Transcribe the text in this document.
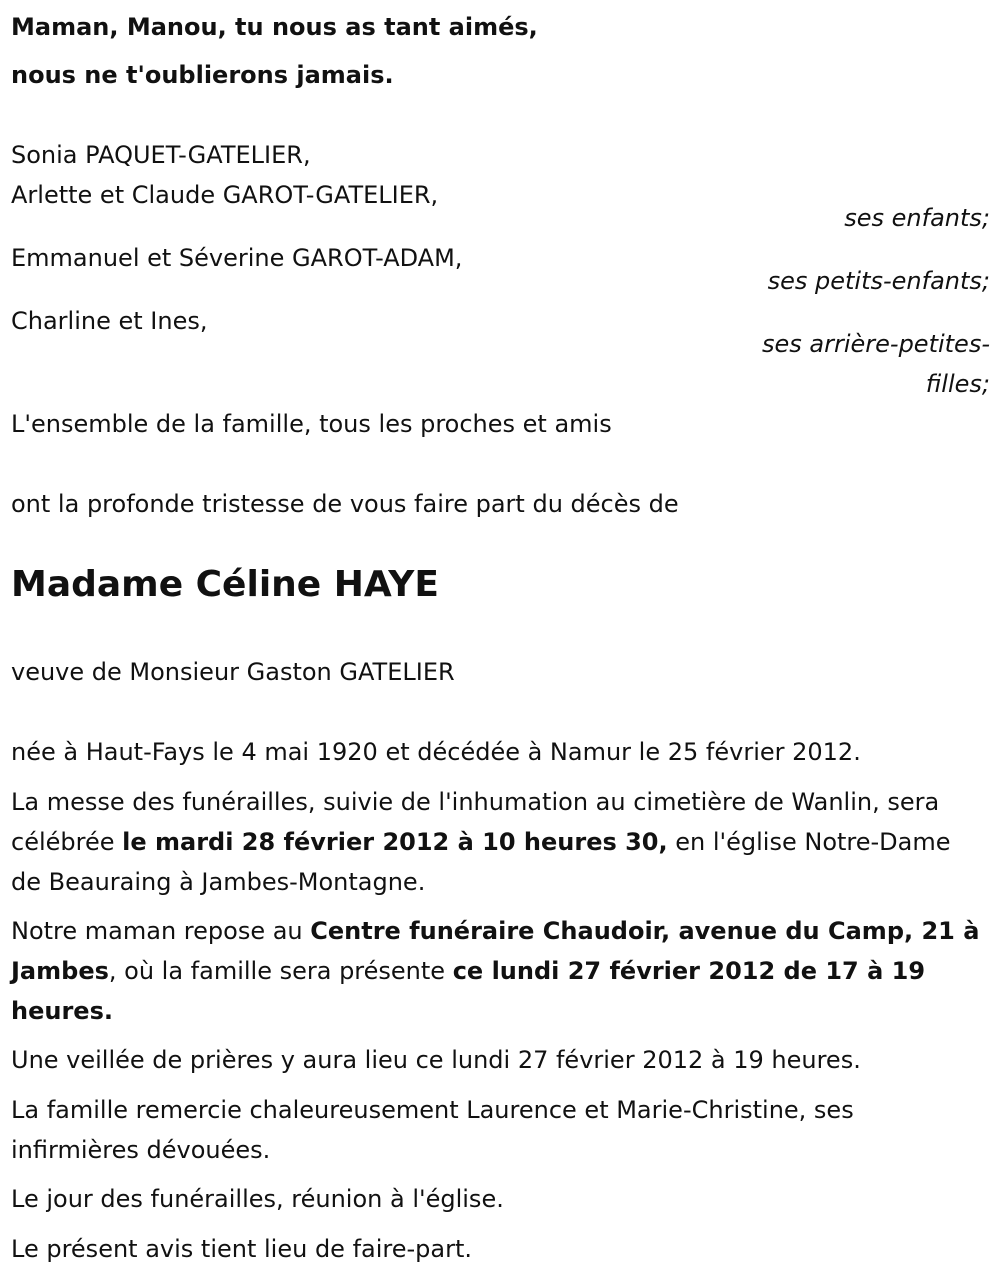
Maman, Manou, tu nous as tant aimés,
nous ne t'oublierons jamais.
Sonia PAQUET-GATELIER,
Arlette et Claude GAROT-GATELIER,
ses enfants;
Emmanuel et Séverine GAROT-ADAM,
ses petits-enfants;
Charline et Ines,
ses arrière-petites-
filles;
L'ensemble de la famille, tous les proches et amis
ont la profonde tristesse de vous faire part du décès de
Madame Céline HAYE
veuve de Monsieur Gaston GATELIER
née à Haut-Fays le 4 mai 1920 et décédée à Namur le 25 février 2012.
La messe des funérailles, suivie de l'inhumation au cimetière de Wanlin, sera célébrée le mardi 28 février 2012 à 10 heures 30, en l'église Notre-Dame de Beauraing à Jambes-Montagne.
Notre maman repose au Centre funéraire Chaudoir, avenue du Camp, 21 à Jambes, où la famille sera présente ce lundi 27 février 2012 de 17 à 19 heures.
Une veillée de prières y aura lieu ce lundi 27 février 2012 à 19 heures.
La famille remercie chaleureusement Laurence et Marie-Christine, ses infirmières dévouées.
Le jour des funérailles, réunion à l'église.
Le présent avis tient lieu de faire-part.
